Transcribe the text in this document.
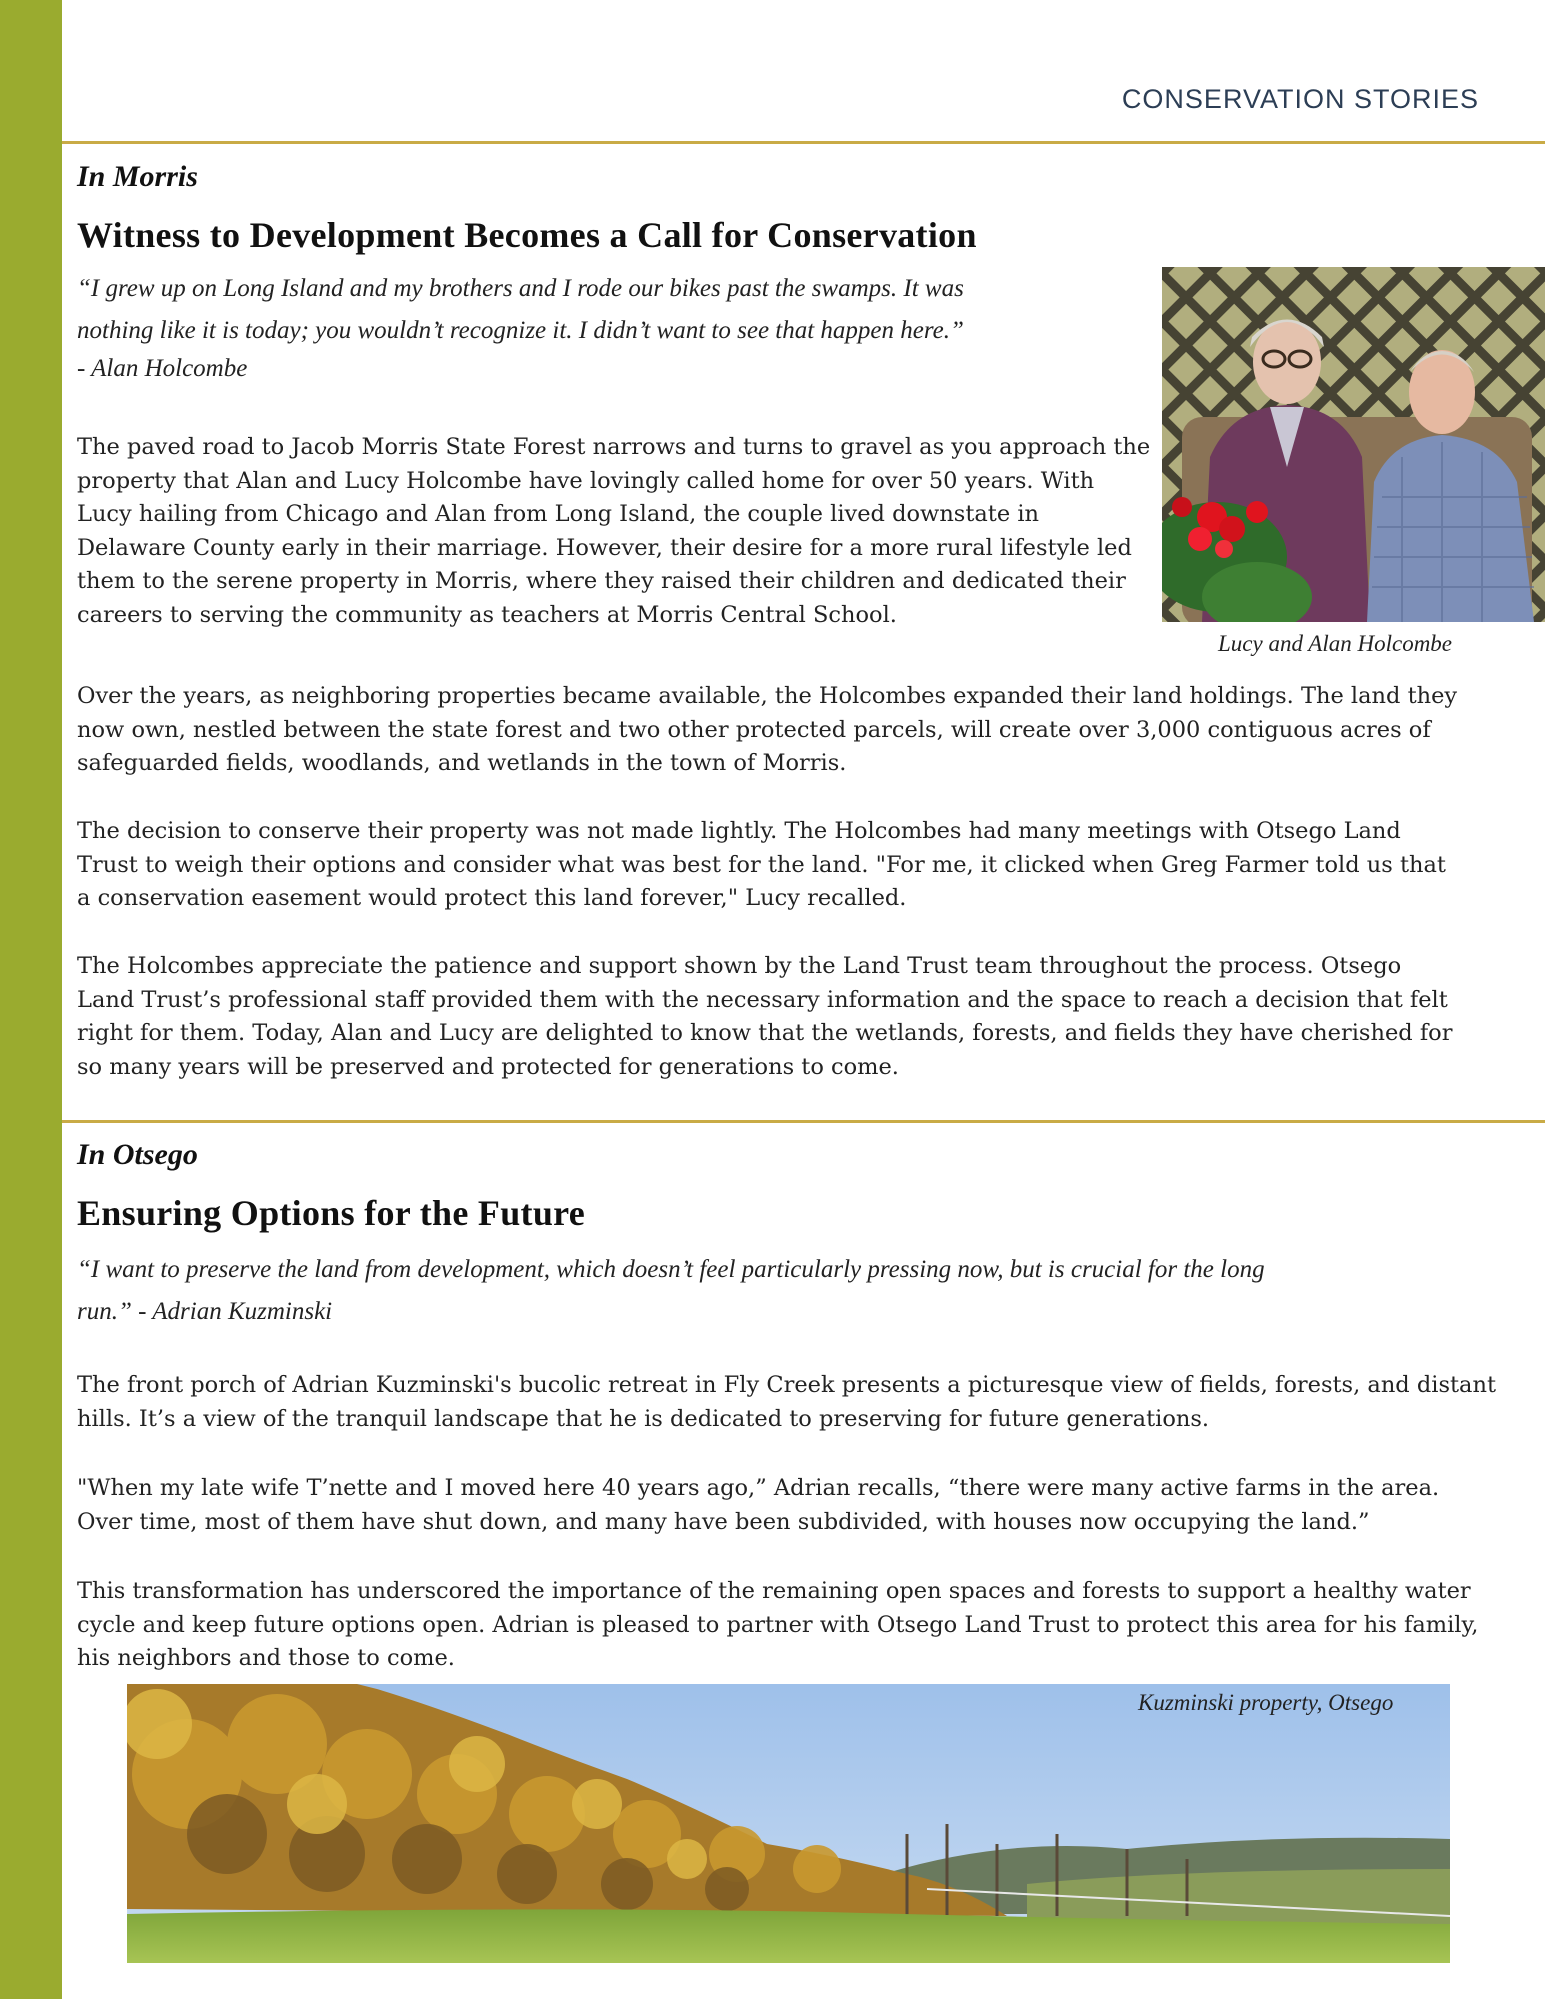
CONSERVATION STORIES
In Morris
Witness to Development Becomes a Call for Conservation
“I grew up on Long Island and my brothers and I rode our bikes past the swamps. It was
nothing like it is today; you wouldn’t recognize it. I didn’t want to see that happen here.”
- Alan Holcombe

The paved road to Jacob Morris State Forest narrows and turns to gravel as you approach the property that Alan and Lucy Holcombe have lovingly called home for over 50 years. With Lucy hailing from Chicago and Alan from Long Island, the couple lived downstate in Delaware County early in their marriage. However, their desire for a more rural lifestyle led them to the serene property in Morris, where they raised their children and dedicated their careers to serving the community as teachers at Morris Central School.

Lucy and Alan Holcombe

Over the years, as neighboring properties became available, the Holcombes expanded their land holdings. The land they now own, nestled between the state forest and two other protected parcels, will create over 3,000 contiguous acres of safeguarded fields, woodlands, and wetlands in the town of Morris.

The decision to conserve their property was not made lightly. The Holcombes had many meetings with Otsego Land Trust to weigh their options and consider what was best for the land. "For me, it clicked when Greg Farmer told us that a conservation easement would protect this land forever," Lucy recalled.

The Holcombes appreciate the patience and support shown by the Land Trust team throughout the process. Otsego Land Trust’s professional staff provided them with the necessary information and the space to reach a decision that felt right for them. Today, Alan and Lucy are delighted to know that the wetlands, forests, and fields they have cherished for so many years will be preserved and protected for generations to come.

In Otsego
Ensuring Options for the Future
“I want to preserve the land from development, which doesn’t feel particularly pressing now, but is crucial for the long
run.” - Adrian Kuzminski

The front porch of Adrian Kuzminski's bucolic retreat in Fly Creek presents a picturesque view of fields, forests, and distant hills. It’s a view of the tranquil landscape that he is dedicated to preserving for future generations.

"When my late wife T’nette and I moved here 40 years ago,” Adrian recalls, “there were many active farms in the area. Over time, most of them have shut down, and many have been subdivided, with houses now occupying the land.”

This transformation has underscored the importance of the remaining open spaces and forests to support a healthy water cycle and keep future options open. Adrian is pleased to partner with Otsego Land Trust to protect this area for his family, his neighbors and those to come.

Kuzminski property, Otsego
